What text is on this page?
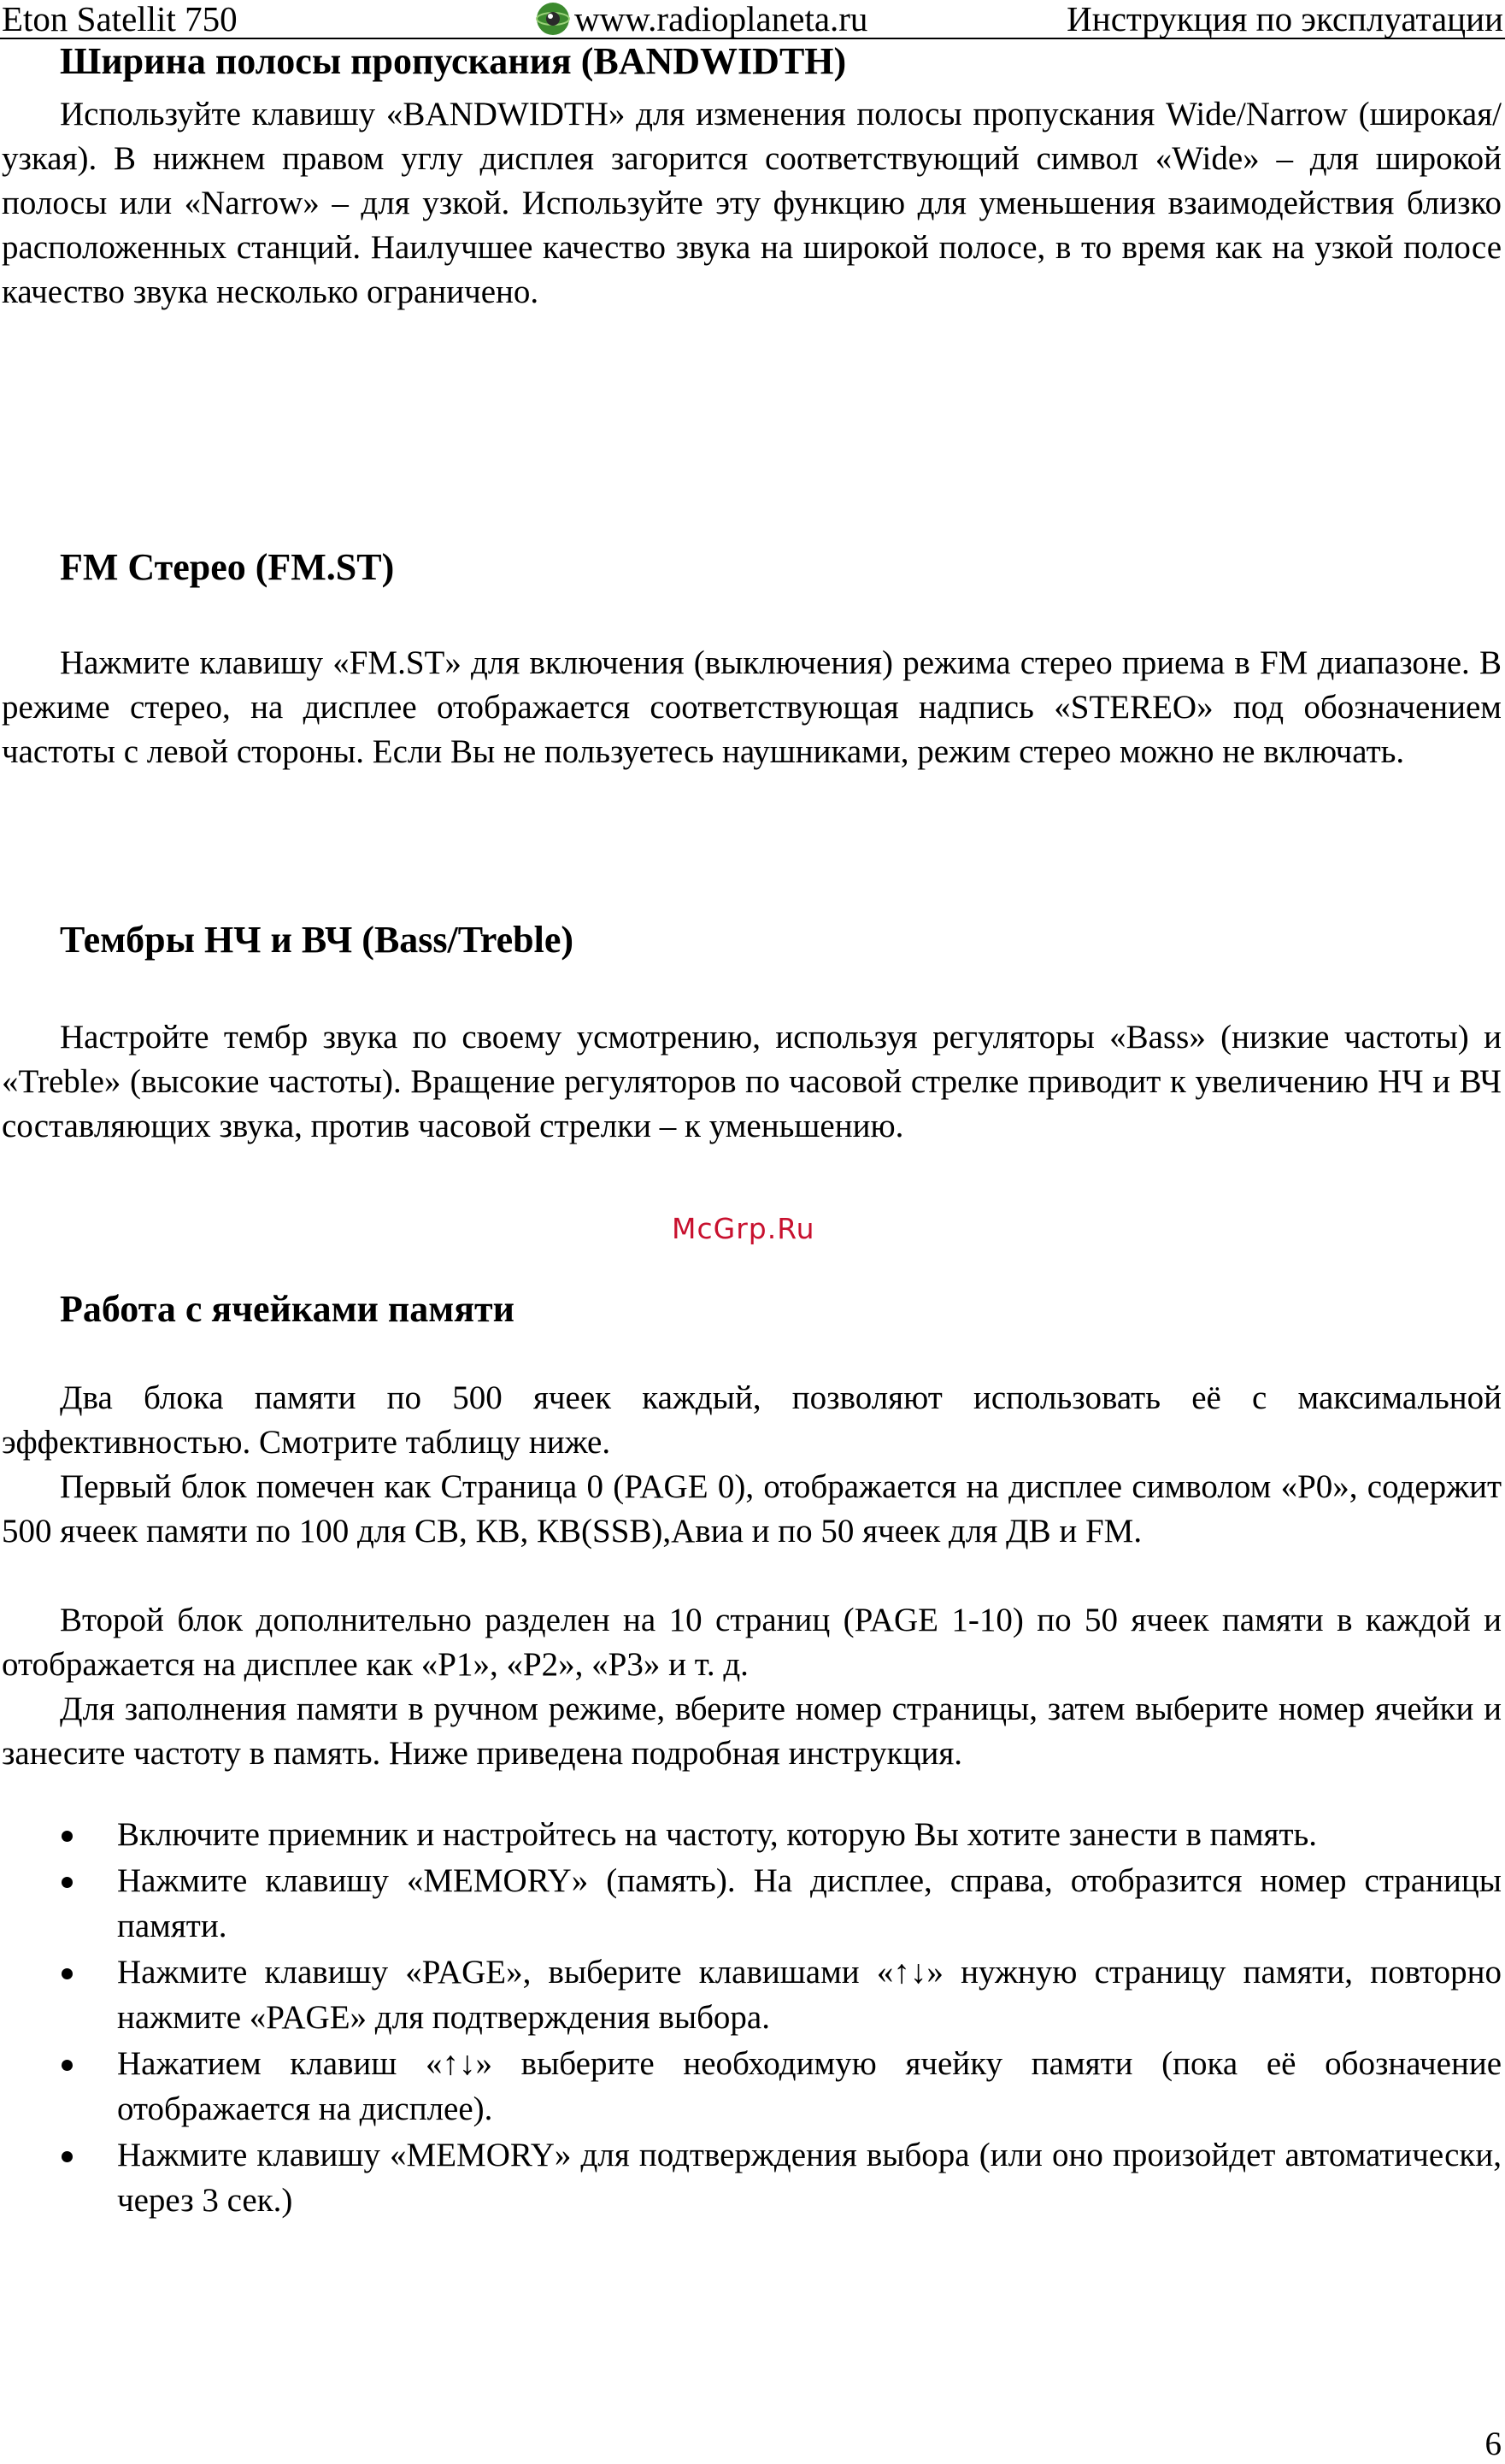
Eton Satellit 750	www.radioplaneta.ru	Инструкция по эксплуатации
Ширина полосы пропускания (BANDWIDTH)

Используйте клавишу «BANDWIDTH» для изменения полосы пропускания Wide/Narrow (широкая/узкая). В нижнем правом углу дисплея загорится соответствующий символ «Wide» – для широкой полосы или «Narrow» – для узкой. Используйте эту функцию для уменьшения взаимодействия близко расположенных станций. Наилучшее качество звука на широкой полосе, в то время как на узкой полосе качество звука несколько ограничено.

FM Стерео (FM.ST)

Нажмите клавишу «FM.ST» для включения (выключения) режима стерео приема в FM диапазоне. В режиме стерео, на дисплее отображается соответствующая надпись «STEREO» под обозначением частоты с левой стороны. Если Вы не пользуетесь наушниками, режим стерео можно не включать.

Тембры НЧ и ВЧ (Bass/Treble)

Настройте тембр звука по своему усмотрению, используя регуляторы «Bass» (низкие частоты) и «Treble» (высокие частоты). Вращение регуляторов по часовой стрелке приводит к увеличению НЧ и ВЧ составляющих звука, против часовой стрелки – к уменьшению.

McGrp.Ru
Работа с ячейками памяти

Два блока памяти по 500 ячеек каждый, позволяют использовать её с максимальной эффективностью. Смотрите таблицу ниже.

Первый блок помечен как Страница 0 (PAGE 0), отображается на дисплее символом «P0», содержит 500 ячеек памяти по 100 для СВ, КВ, КВ(SSB),Авиа и по 50 ячеек для ДВ и FM.

Второй блок дополнительно разделен на 10 страниц (PAGE 1-10) по 50 ячеек памяти в каждой и отображается на дисплее как «P1», «P2», «P3» и т. д.

Для заполнения памяти в ручном режиме, вберите номер страницы, затем выберите номер ячейки и занесите частоту в память. Ниже приведена подробная инструкция.

Включите приемник и настройтесь на частоту, которую Вы хотите занести в память.
Нажмите клавишу «MEMORY» (память). На дисплее, справа, отобразится номер страницы памяти.
Нажмите клавишу «PAGE», выберите клавишами «↑↓» нужную страницу памяти, повторно нажмите «PAGE» для подтверждения выбора.
Нажатием клавиш «↑↓» выберите необходимую ячейку памяти (пока её обозначение отображается на дисплее).
Нажмите клавишу «MEMORY» для подтверждения выбора (или оно произойдет автоматически, через 3 сек.)
6
